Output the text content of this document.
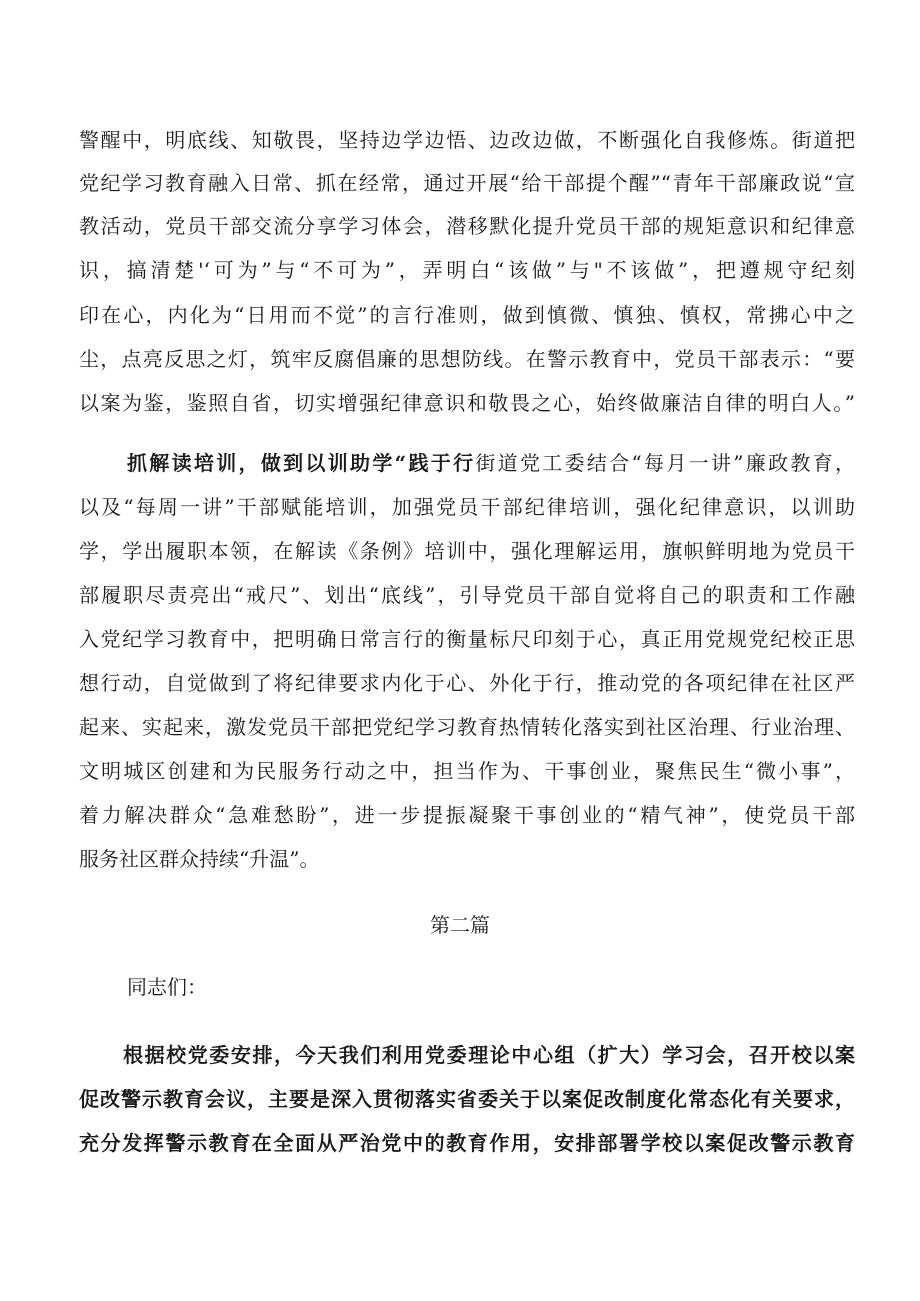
警醒中，明底线、知敬畏，坚持边学边悟、边改边做，不断强化自我修炼。街道把
党纪学习教育融入日常、抓在经常，通过开展“给干部提个醒”“青年干部廉政说“宣
教活动，党员干部交流分享学习体会，潜移默化提升党员干部的规矩意识和纪律意
识，搞清楚'‘可为”与“不可为”，弄明白“该做”与"不该做”，把遵规守纪刻
印在心，内化为“日用而不觉”的言行准则，做到慎微、慎独、慎权，常拂心中之
尘，点亮反思之灯，筑牢反腐倡廉的思想防线。在警示教育中，党员干部表示：“要
以案为鉴，鉴照自省，切实增强纪律意识和敬畏之心，始终做廉洁自律的明白人。”
抓解读培训，做到以训助学“践于行街道党工委结合“每月一讲”廉政教育，
以及“每周一讲”干部赋能培训，加强党员干部纪律培训，强化纪律意识，以训助
学，学出履职本领，在解读《条例》培训中，强化理解运用，旗帜鲜明地为党员干
部履职尽责亮出“戒尺”、划出“底线”，引导党员干部自觉将自己的职责和工作融
入党纪学习教育中，把明确日常言行的衡量标尺印刻于心，真正用党规党纪校正思
想行动，自觉做到了将纪律要求内化于心、外化于行，推动党的各项纪律在社区严
起来、实起来，激发党员干部把党纪学习教育热情转化落实到社区治理、行业治理、
文明城区创建和为民服务行动之中，担当作为、干事创业，聚焦民生“微小事”，
着力解决群众“急难愁盼”，进一步提振凝聚干事创业的“精气神”，使党员干部
服务社区群众持续“升温”。
第二篇
同志们：
根据校党委安排，今天我们利用党委理论中心组（扩大）学习会，召开校以案
促改警示教育会议，主要是深入贯彻落实省委关于以案促改制度化常态化有关要求，
充分发挥警示教育在全面从严治党中的教育作用，安排部署学校以案促改警示教育
